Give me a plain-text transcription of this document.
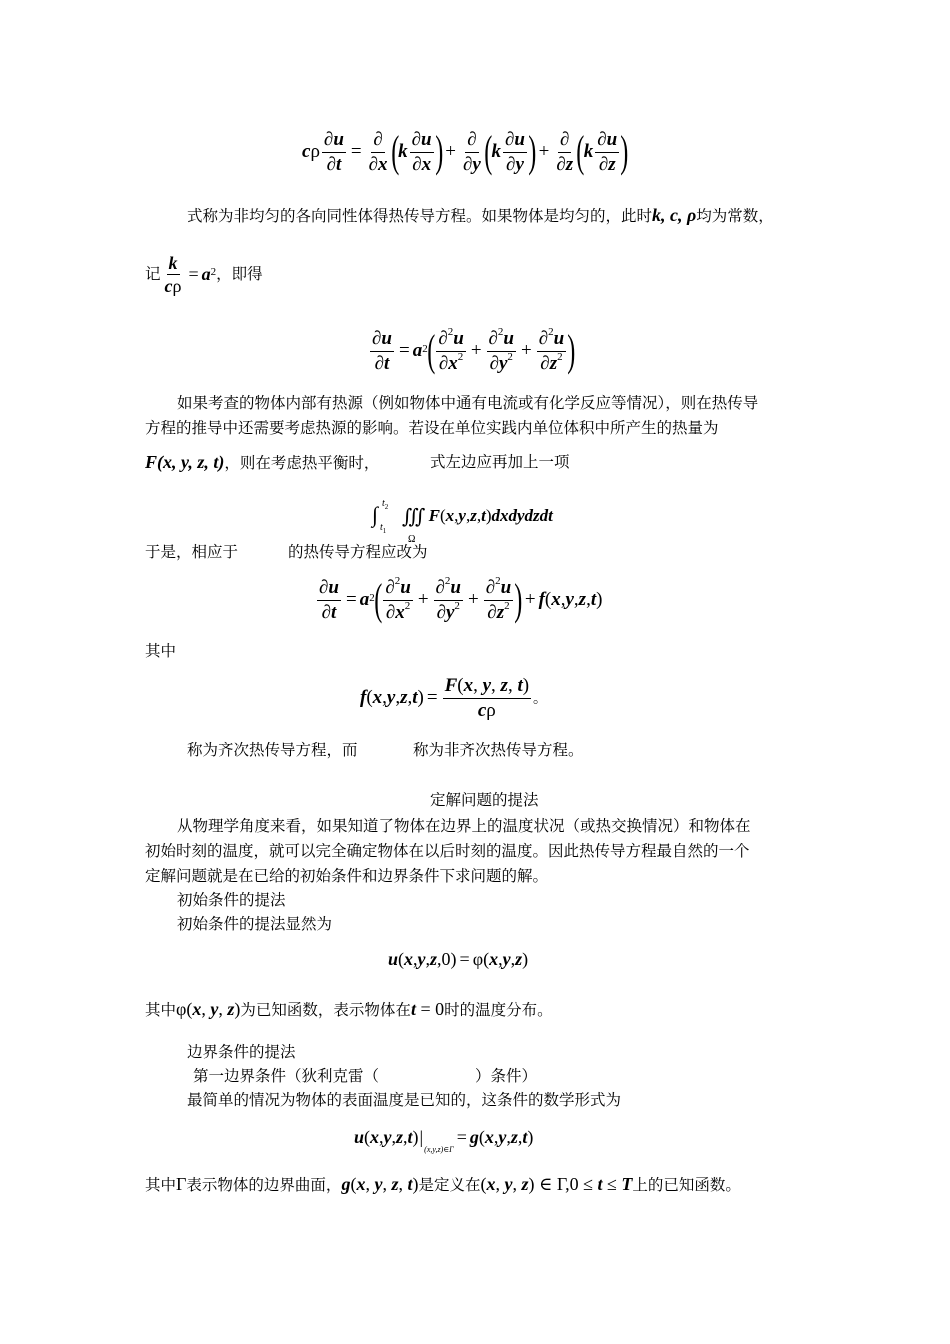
c ρ $\frac{\partial u}{\partial t} = \frac{\partial}{\partial x}$ ( k $\frac{\partial u}{\partial x}$ ) + $\frac{\partial}{\partial y}$ ( k $\frac{\partial u}{\partial y}$ ) + $\frac{\partial}{\partial z}$ ( k $\frac{\partial u}{\partial z}$ )
式称为非均匀的各向同性体得热传导方程。如果物体是均匀的，此时k, c, ρ均为常数，
记 $\frac{k}{c\rho} = a$ 2 ，即得
$\frac{\partial u}{\partial t} = a$ 2 ( $\frac{\partial^2u}{\partial x^2} + \frac{\partial^2u}{\partial y^2} + \frac{\partial^2u}{\partial z^2}$ )
如果考查的物体内部有热源（例如物体中通有电流或有化学反应等情况），则在热传导
方程的推导中还需要考虑热源的影响。若设在单位实践内单位体积中所产生的热量为
F(x, y, z, t)，则在考虑热平衡时，	式左边应再加上一项
∫ $t_2$
$t_1$
∭
Ω
F ( x , y , z , t ) dxdydzdt
于是，相应于	的热传导方程应改为
$\frac{\partial u}{\partial t} = a$ 2 ( $\frac{\partial^2u}{\partial x^2} + \frac{\partial^2u}{\partial y^2} + \frac{\partial^2u}{\partial z^2}$ ) + f ( x , y , z , t )
其中
f ( x , y , z , t ) = $\frac{F(x, y, z, t)}{c\rho}$ 。
称为齐次热传导方程，而	称为非齐次热传导方程。
定解问题的提法
从物理学角度来看，如果知道了物体在边界上的温度状况（或热交换情况）和物体在
初始时刻的温度，就可以完全确定物体在以后时刻的温度。因此热传导方程最自然的一个
定解问题就是在已给的初始条件和边界条件下求问题的解。
初始条件的提法
初始条件的提法显然为
u ( x , y , z ,0) = φ( x , y , z )
其中φ(x, y, z)为已知函数，表示物体在t = 0时的温度分布。
边界条件的提法
第一边界条件（狄利克雷（	）条件）
最简单的情况为物体的表面温度是已知的，这条件的数学形式为
u ( x , y , z , t ) |
(x,y,z)∈Γ
= g ( x , y , z , t )
其中Γ表示物体的边界曲面，g(x, y, z, t)是定义在(x, y, z) ∈ Γ,0 ≤ t ≤ T上的已知函数。
